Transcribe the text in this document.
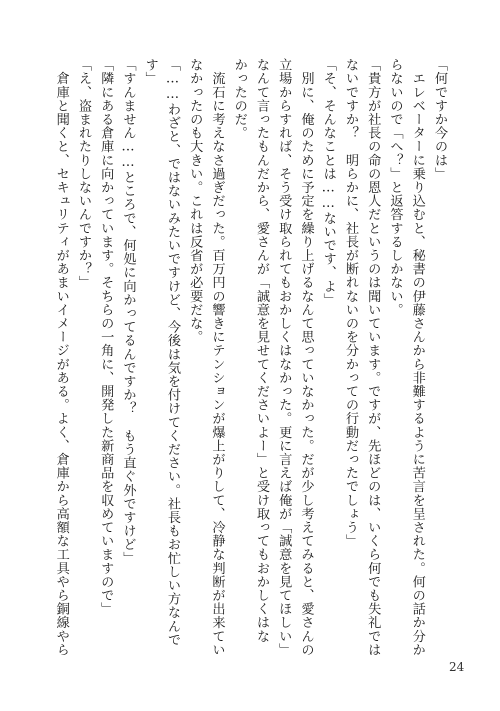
「何ですか今のは」
　エレベーターに乗り込むと、秘書の伊藤さんから非難するように苦言を呈された。何の話か分か
らないので「へ？」と返答するしかない。
「貴方が社長の命の恩人だというのは聞いています。ですが、先ほどのは、いくら何でも失礼では
ないですか？　明らかに、社長が断れないのを分かっての行動だったでしょう」
「そ、そんなことは……ないです、よ」
　別に、俺のために予定を繰り上げるなんて思っていなかった。だが少し考えてみると、愛さんの
立場からすれば、そう受け取られてもおかしくはなかった。更に言えば俺が「誠意を見てほしい」
なんて言ったもんだから、愛さんが「誠意を見せてくださいよー」と受け取ってもおかしくはな
かったのだ。
　流石に考えなさ過ぎだった。百万円の響きにテンションが爆上がりして、冷静な判断が出来てい
なかったのも大きい。これは反省が必要だな。
「……わざと、ではないみたいですけど、今後は気を付けてください。社長もお忙しい方なんで
す」
「すんません……ところで、何処に向かってるんですか？　もう直ぐ外ですけど」
「隣にある倉庫に向かっています。そちらの一角に、開発した新商品を収めていますので」
「え、盗まれたりしないんですか？」
　倉庫と聞くと、セキュリティがあまいイメージがある。よく、倉庫から高額な工具やら銅線やら
24
